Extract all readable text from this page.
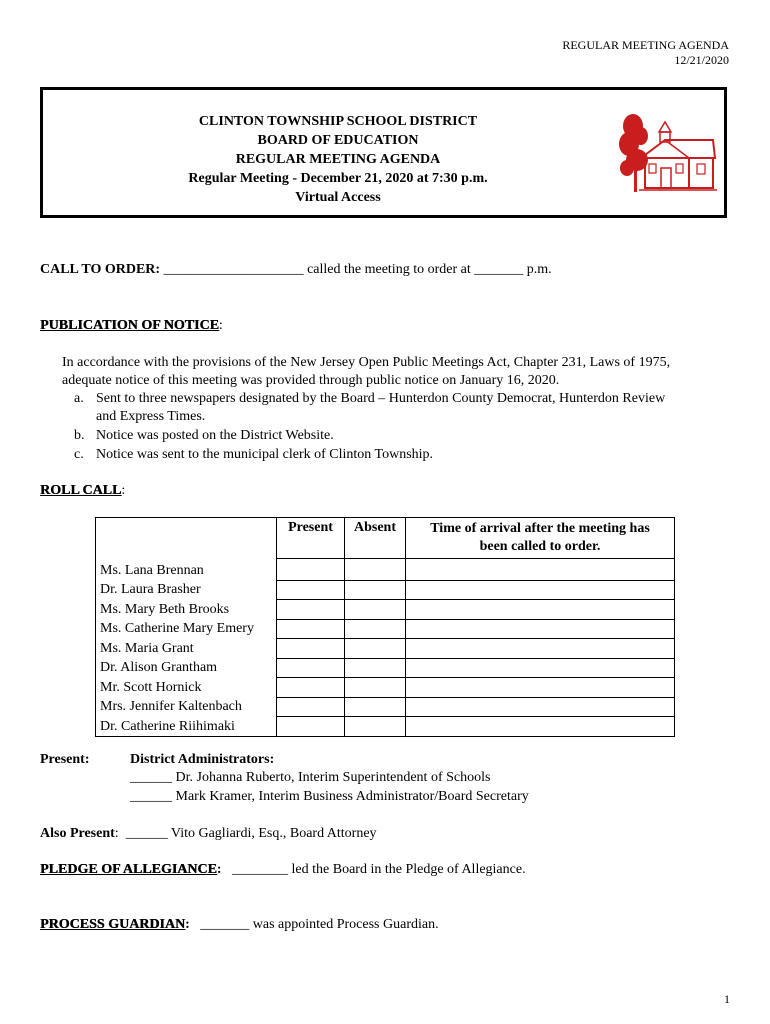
REGULAR MEETING AGENDA
12/21/2020
CLINTON TOWNSHIP SCHOOL DISTRICT
BOARD OF EDUCATION
REGULAR MEETING AGENDA
Regular Meeting - December 21, 2020 at 7:30 p.m.
Virtual Access
CALL TO ORDER: ____________________ called the meeting to order at _______ p.m.
PUBLICATION OF NOTICE:
In accordance with the provisions of the New Jersey Open Public Meetings Act, Chapter 231, Laws of 1975,
adequate notice of this meeting was provided through public notice on January 16, 2020.
a. Sent to three newspapers designated by the Board – Hunterdon County Democrat, Hunterdon Review
and Express Times.
b. Notice was posted on the District Website.
c. Notice was sent to the municipal clerk of Clinton Township.
ROLL CALL:
	Present	Absent	Time of arrival after the meeting has
been called to order.

Ms. Lana Brennan			
Dr. Laura Brasher			
Ms. Mary Beth Brooks			
Ms. Catherine Mary Emery			
Ms. Maria Grant			
Dr. Alison Grantham			
Mr. Scott Hornick			
Mrs. Jennifer Kaltenbach			
Dr. Catherine Riihimaki			
Present:	District Administrators:
______ Dr. Johanna Ruberto, Interim Superintendent of Schools
______ Mark Kramer, Interim Business Administrator/Board Secretary
Also Present:  ______ Vito Gagliardi, Esq., Board Attorney
PLEDGE OF ALLEGIANCE: ________ led the Board in the Pledge of Allegiance.
PROCESS GUARDIAN: _______ was appointed Process Guardian.
1
